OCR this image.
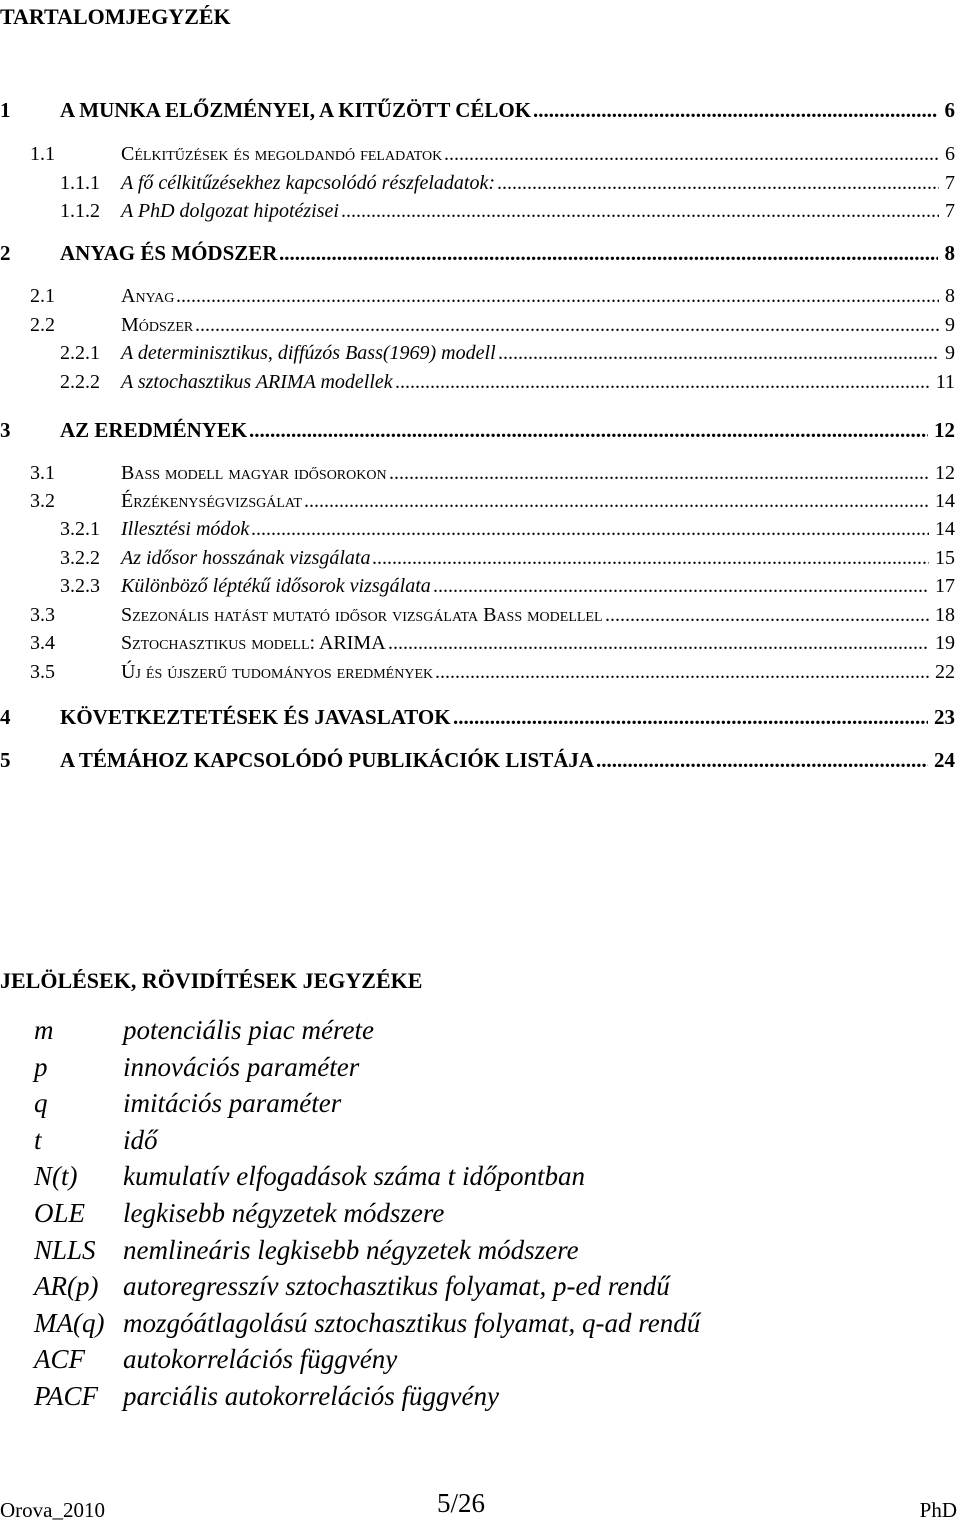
TARTALOMJEGYZÉK
1 A MUNKA ELŐZMÉNYEI, A KITŰZÖTT CÉLOK .....	6
1.1	Célkitűzések és megoldandó feladatok .....	6
1.1.1 A fő célkitűzésekhez kapcsolódó részfeladatok: .....	7
1.1.2 A PhD dolgozat hipotézisei .....	7
2 ANYAG ÉS MÓDSZER .....	8
2.1	Anyag .....	8
2.2	Módszer .....	9
2.2.1 A determinisztikus, diffúzós Bass(1969) modell .....	9
2.2.2 A sztochasztikus ARIMA modellek .....	11
3 AZ EREDMÉNYEK .....	12
3.1	Bass modell magyar idősorokon .....	12
3.2	Érzékenységvizsgálat .....	14
3.2.1 Illesztési módok .....	14
3.2.2 Az idősor hosszának vizsgálata .....	15
3.2.3 Különböző léptékű idősorok vizsgálata .....	17
3.3	Szezonális hatást mutató idősor vizsgálata Bass modellel .....	18
3.4	Sztochasztikus modell: ARIMA .....	19
3.5	Új és újszerű tudományos eredmények .....	22
4 KÖVETKEZTETÉSEK ÉS JAVASLATOK .....	23
5 A TÉMÁHOZ KAPCSOLÓDÓ PUBLIKÁCIÓK LISTÁJA .....	24
JELÖLÉSEK, RÖVIDÍTÉSEK JEGYZÉKE
m	potenciális piac mérete
p	innovációs paraméter
q	imitációs paraméter
t	idő
N(t) kumulatív elfogadások száma t időpontban
OLE legkisebb négyzetek módszere
NLLS nemlineáris legkisebb négyzetek módszere
AR(p) autoregresszív sztochasztikus folyamat, p-ed rendű
MA(q) mozgóátlagolású sztochasztikus folyamat, q-ad rendű
ACF autokorrelációs függvény
PACF parciális autokorrelációs függvény
Orova_2010	5/26	PhD
